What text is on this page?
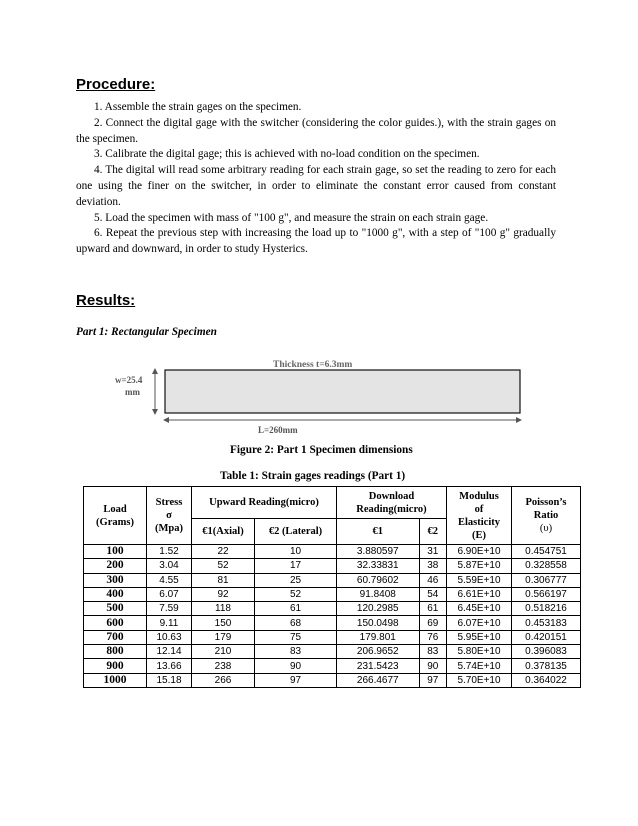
Procedure:

1. Assemble the strain gages on the specimen.

2. Connect the digital gage with the switcher (considering the color guides.), with the strain gages on the specimen.

3. Calibrate the digital gage; this is achieved with no-load condition on the specimen.

4. The digital will read some arbitrary reading for each strain gage, so set the reading to zero for each one using the finer on the switcher, in order to eliminate the constant error caused from constant deviation.

5. Load the specimen with mass of "100 g", and measure the strain on each strain gage.

6. Repeat the previous step with increasing the load up to "1000 g", with a step of "100 g" gradually upward and downward, in order to study Hysterics.

Results:
Part 1: Rectangular Specimen
Thickness t=6.3mm
w=25.4
mm
L=260mm
Figure 2: Part 1 Specimen dimensions
Table 1: Strain gages readings (Part 1)
Load
(Grams)	Stress
σ
(Mpa)	Upward Reading(micro)		Download Reading(micro)		Modulus
of
Elasticity
(E)	Poisson’s
Ratio
(υ)
		€1(Axial)	€2 (Lateral)	€1	€2		
100	1.52	22	10	3.880597	31	6.90E+10	0.454751
200	3.04	52	17	32.33831	38	5.87E+10	0.328558
300	4.55	81	25	60.79602	46	5.59E+10	0.306777
400	6.07	92	52	91.8408	54	6.61E+10	0.566197
500	7.59	118	61	120.2985	61	6.45E+10	0.518216
600	9.11	150	68	150.0498	69	6.07E+10	0.453183
700	10.63	179	75	179.801	76	5.95E+10	0.420151
800	12.14	210	83	206.9652	83	5.80E+10	0.396083
900	13.66	238	90	231.5423	90	5.74E+10	0.378135
1000	15.18	266	97	266.4677	97	5.70E+10	0.364022
